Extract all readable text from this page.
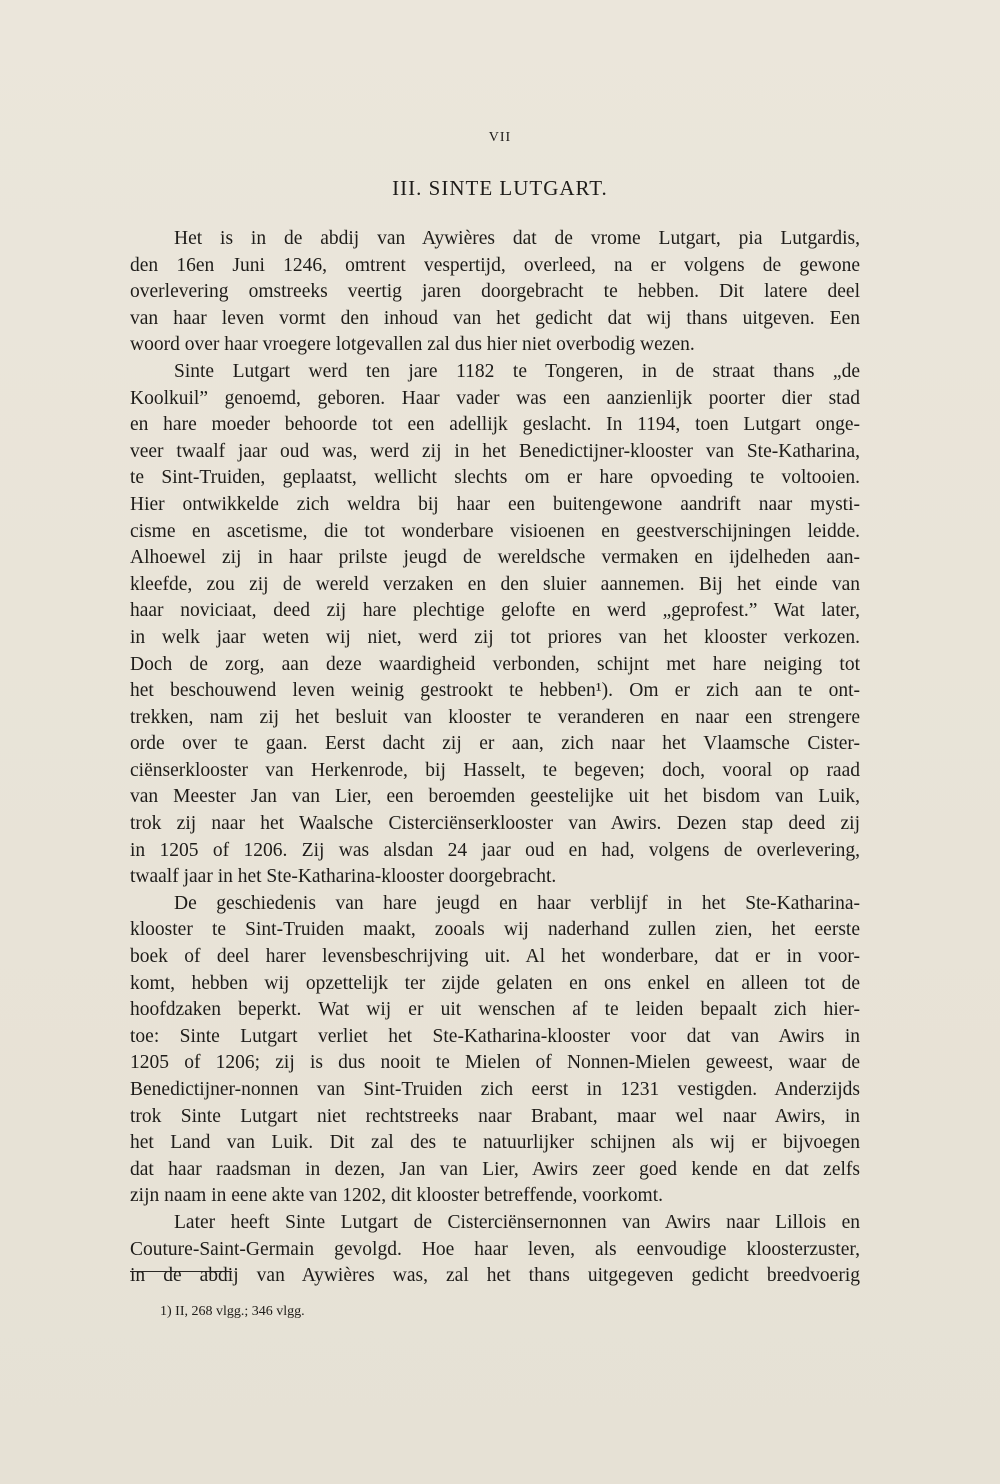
VII
III. SINTE LUTGART.
Het is in de abdij van Aywières dat de vrome Lutgart, pia Lutgardis,
den 16en Juni 1246, omtrent vespertijd, overleed, na er volgens de gewone
overlevering omstreeks veertig jaren doorgebracht te hebben. Dit latere deel
van haar leven vormt den inhoud van het gedicht dat wij thans uitgeven. Een
woord over haar vroegere lotgevallen zal dus hier niet overbodig wezen.
Sinte Lutgart werd ten jare 1182 te Tongeren, in de straat thans „de
Koolkuil” genoemd, geboren. Haar vader was een aanzienlijk poorter dier stad
en hare moeder behoorde tot een adellijk geslacht. In 1194, toen Lutgart onge-
veer twaalf jaar oud was, werd zij in het Benedictijner-klooster van Ste-Katharina,
te Sint-Truiden, geplaatst, wellicht slechts om er hare opvoeding te voltooien.
Hier ontwikkelde zich weldra bij haar een buitengewone aandrift naar mysti-
cisme en ascetisme, die tot wonderbare visioenen en geestverschijningen leidde.
Alhoewel zij in haar prilste jeugd de wereldsche vermaken en ijdelheden aan-
kleefde, zou zij de wereld verzaken en den sluier aannemen. Bij het einde van
haar noviciaat, deed zij hare plechtige gelofte en werd „geprofest.” Wat later,
in welk jaar weten wij niet, werd zij tot priores van het klooster verkozen.
Doch de zorg, aan deze waardigheid verbonden, schijnt met hare neiging tot
het beschouwend leven weinig gestrookt te hebben¹). Om er zich aan te ont-
trekken, nam zij het besluit van klooster te veranderen en naar een strengere
orde over te gaan. Eerst dacht zij er aan, zich naar het Vlaamsche Cister-
ciënserklooster van Herkenrode, bij Hasselt, te begeven; doch, vooral op raad
van Meester Jan van Lier, een beroemden geestelijke uit het bisdom van Luik,
trok zij naar het Waalsche Cisterciënserklooster van Awirs. Dezen stap deed zij
in 1205 of 1206. Zij was alsdan 24 jaar oud en had, volgens de overlevering,
twaalf jaar in het Ste-Katharina-klooster doorgebracht.
De geschiedenis van hare jeugd en haar verblijf in het Ste-Katharina-
klooster te Sint-Truiden maakt, zooals wij naderhand zullen zien, het eerste
boek of deel harer levensbeschrijving uit. Al het wonderbare, dat er in voor-
komt, hebben wij opzettelijk ter zijde gelaten en ons enkel en alleen tot de
hoofdzaken beperkt. Wat wij er uit wenschen af te leiden bepaalt zich hier-
toe: Sinte Lutgart verliet het Ste-Katharina-klooster voor dat van Awirs in
1205 of 1206; zij is dus nooit te Mielen of Nonnen-Mielen geweest, waar de
Benedictijner-nonnen van Sint-Truiden zich eerst in 1231 vestigden. Anderzijds
trok Sinte Lutgart niet rechtstreeks naar Brabant, maar wel naar Awirs, in
het Land van Luik. Dit zal des te natuurlijker schijnen als wij er bijvoegen
dat haar raadsman in dezen, Jan van Lier, Awirs zeer goed kende en dat zelfs
zijn naam in eene akte van 1202, dit klooster betreffende, voorkomt.
Later heeft Sinte Lutgart de Cisterciënsernonnen van Awirs naar Lillois en
Couture-Saint-Germain gevolgd. Hoe haar leven, als eenvoudige kloosterzuster,
in de abdij van Aywières was, zal het thans uitgegeven gedicht breedvoerig
1) II, 268 vlgg.; 346 vlgg.
